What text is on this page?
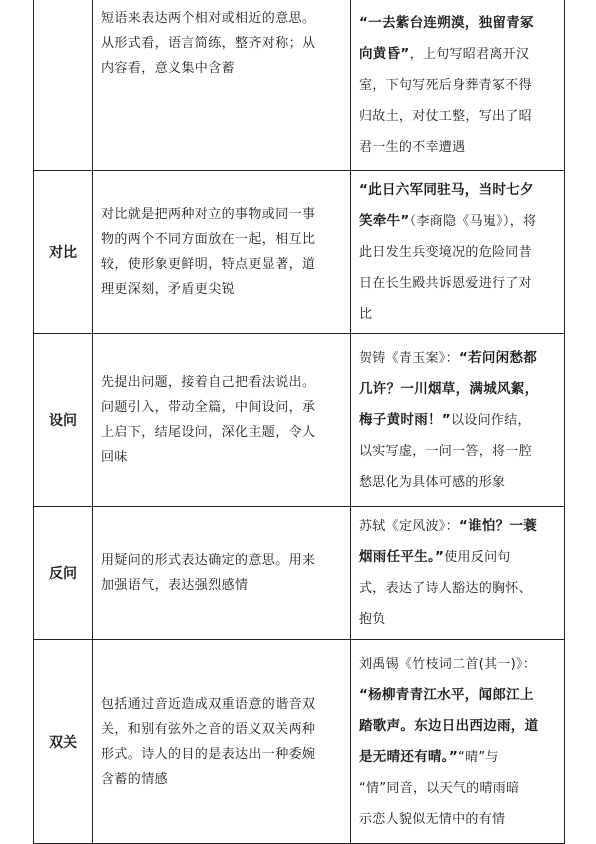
短语来表达两个相对或相近的意思。

从形式看，语言简练，整齐对称；从

内容看，意义集中含蓄

“一去紫台连朔漠，独留青冢

向黄昏”，上句写昭君离开汉

室，下句写死后身葬青冢不得

归故土，对仗工整，写出了昭

君一生的不幸遭遇

对比

对比就是把两种对立的事物或同一事

物的两个不同方面放在一起，相互比

较，使形象更鲜明，特点更显著，道

理更深刻，矛盾更尖锐

“此日六军同驻马，当时七夕

笑牵牛”（李商隐《马嵬》），将

此日发生兵变境况的危险同昔

日在长生殿共诉恩爱进行了对

比

设问

先提出问题，接着自己把看法说出。

问题引入，带动全篇，中间设问，承

上启下，结尾设问，深化主题，令人

回味

贺铸《青玉案》：“若问闲愁都

几许？一川烟草，满城风絮，

梅子黄时雨！”以设问作结，

以实写虚，一问一答，将一腔

愁思化为具体可感的形象

反问

用疑问的形式表达确定的意思。用来

加强语气，表达强烈感情

苏轼《定风波》：“谁怕？一蓑

烟雨任平生。”使用反问句

式，表达了诗人豁达的胸怀、

抱负

双关

包括通过音近造成双重语意的谐音双

关，和别有弦外之音的语义双关两种

形式。诗人的目的是表达出一种委婉

含蓄的情感

刘禹锡《竹枝词二首(其一)》：

“杨柳青青江水平，闻郎江上

踏歌声。东边日出西边雨，道

是无晴还有晴。”“晴”与

“情”同音，以天气的晴雨暗

示恋人貌似无情中的有情
